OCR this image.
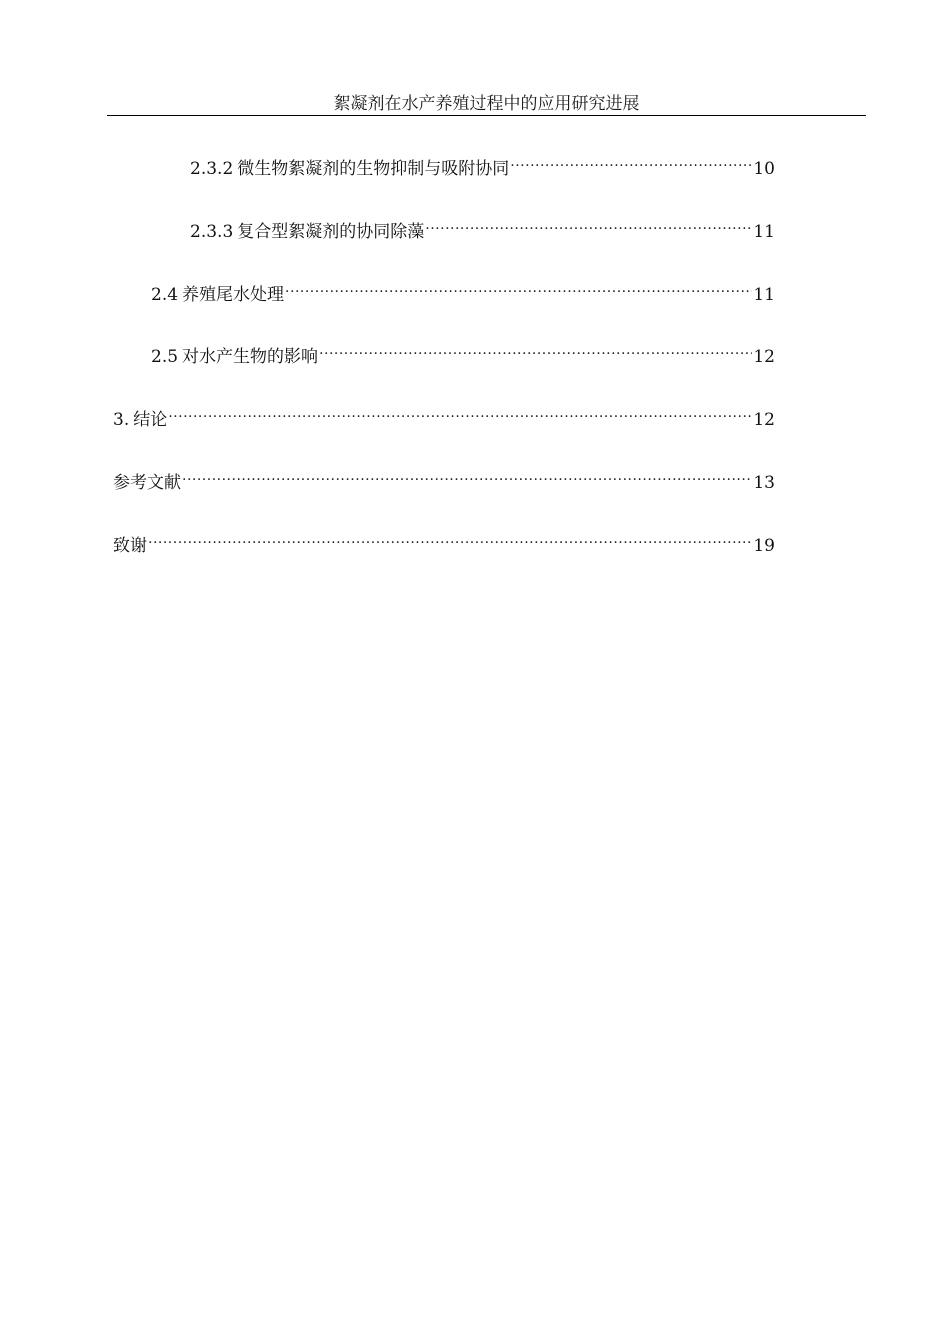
絮凝剂在水产养殖过程中的应用研究进展
2.3.2 微生物絮凝剂的生物抑制与吸附协同 .....	10
2.3.3 复合型絮凝剂的协同除藻 .....	11
2.4 养殖尾水处理 .....	11
2.5 对水产生物的影响 .....	12
3. 结论 .....	12
参考文献 .....	13
致谢 .....	19
